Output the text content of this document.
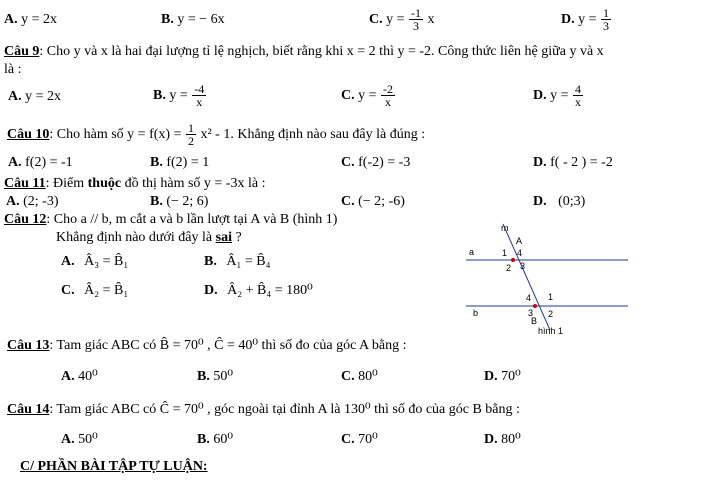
A. y = 2x	B. y = − 6x	C. $y = \frac{-1}{3}$ x	D. $y = \frac{1}{3}$
Câu 9: Cho y và x là hai đại lượng tỉ lệ nghịch, biết rằng khi x = 2 thì y = -2. Công thức liên hệ giữa y và x
là :
A. y = 2x	B. $y = \frac{-4}{x}$	C. $y = \frac{-2}{x}$	D. $y = \frac{4}{x}$
Câu 10: Cho hàm số $y = f(x) = \frac{1}{2} x^2 - 1$. Khẳng định nào sau đây là đúng :
A. f(2) = -1	B. f(2) = 1	C. f(-2) = -3	D. f( - 2 ) = -2
Câu 11: Điểm thuộc đồ thị hàm số y = -3x là :
A. (2; -3)	B. (− 2; 6)	C. (− 2; -6)	D. (0;3)
Câu 12: Cho a // b, m cắt a và b lần lượt tại A và B (hình 1)
Khẳng định nào dưới đây là sai ?
A. Â₃ = B̂₁	B. Â₁ = B̂₄
C. Â₂ = B̂₁	D. Â₂ + B̂₄ = 180⁰
m
A
a	1 4
2 3
4 1
b	3 2
B
hình 1
Câu 13: Tam giác ABC có B̂ = 70⁰ , Ĉ = 40⁰ thì số đo của góc A bằng :
A. 40⁰	B. 50⁰	C. 80⁰	D. 70⁰
Câu 14: Tam giác ABC có Ĉ = 70⁰ , góc ngoài tại đỉnh A là 130⁰ thì số đo của góc B bằng :
A. 50⁰	B. 60⁰	C. 70⁰	D. 80⁰
C/ PHẦN BÀI TẬP TỰ LUẬN:
